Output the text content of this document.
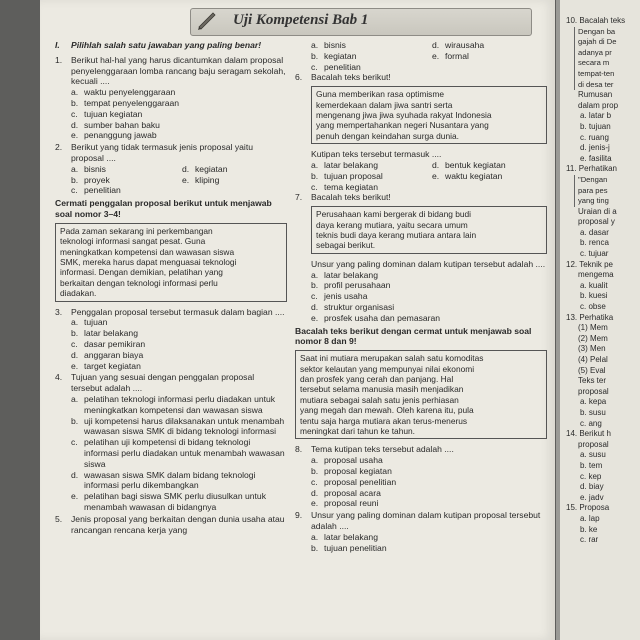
Uji Kompetensi Bab 1
I. Pilihlah salah satu jawaban yang paling benar!
1. Berikut hal-hal yang harus dicantumkan dalam proposal penyelenggaraan lomba rancang baju seragam sekolah, kecuali ....
a. waktu penyelenggaraan
b. tempat penyelenggaraan
c. tujuan kegiatan
d. sumber bahan baku
e. penanggung jawab
2. Berikut yang tidak termasuk jenis proposal yaitu proposal ....
a. bisnis	d. kegiatan
b. proyek	e. kliping
c. penelitian
Cermati penggalan proposal berikut untuk menjawab soal nomor 3–4!
Pada zaman sekarang ini perkembangan
teknologi informasi sangat pesat. Guna
meningkatkan kompetensi dan wawasan siswa
SMK, mereka harus dapat menguasai teknologi
informasi. Dengan demikian, pelatihan yang
berkaitan dengan teknologi informasi perlu
diadakan.
3. Penggalan proposal tersebut termasuk dalam bagian ....
a. tujuan
b. latar belakang
c. dasar pemikiran
d. anggaran biaya
e. target kegiatan
4. Tujuan yang sesuai dengan penggalan proposal tersebut adalah ....
a. pelatihan teknologi informasi perlu diadakan untuk meningkatkan kompetensi dan wawasan siswa
b. uji kompetensi harus dilaksanakan untuk menambah wawasan siswa SMK di bidang teknologi informasi
c. pelatihan uji kompetensi di bidang teknologi informasi perlu diadakan untuk menambah wawasan siswa
d. wawasan siswa SMK dalam bidang teknologi informasi perlu dikembangkan
e. pelatihan bagi siswa SMK perlu diusulkan untuk menambah wawasan di bidangnya
5. Jenis proposal yang berkaitan dengan dunia usaha atau rancangan rencana kerja yang
a. bisnis	d. wirausaha
b. kegiatan	e. formal
c. penelitian
6. Bacalah teks berikut!
Guna memberikan rasa optimisme
kemerdekaan dalam jiwa santri serta
mengenang jiwa jiwa syuhada rakyat Indonesia
yang mempertahankan negeri Nusantara yang
penuh dengan keindahan surga dunia.
Kutipan teks tersebut termasuk ....
a. latar belakang	d. bentuk kegiatan
b. tujuan proposal	e. waktu kegiatan
c. tema kegiatan
7. Bacalah teks berikut!
Perusahaan kami bergerak di bidang budi
daya kerang mutiara, yaitu secara umum
teknis budi daya kerang mutiara antara lain
sebagai berikut.
Unsur yang paling dominan dalam kutipan tersebut adalah ....
a. latar belakang
b. profil perusahaan
c. jenis usaha
d. struktur organisasi
e. prosfek usaha dan pemasaran
Bacalah teks berikut dengan cermat untuk menjawab soal nomor 8 dan 9!
Saat ini mutiara merupakan salah satu komoditas
sektor kelautan yang mempunyai nilai ekonomi
dan prosfek yang cerah dan panjang. Hal
tersebut selama manusia masih menjadikan
mutiara sebagai salah satu jenis perhiasan
yang megah dan mewah. Oleh karena itu, pula
tentu saja harga mutiara akan terus-menerus
meningkat dari tahun ke tahun.
8. Tema kutipan teks tersebut adalah ....
a. proposal usaha
b. proposal kegiatan
c. proposal penelitian
d. proposal acara
e. proposal reuni
9. Unsur yang paling dominan dalam kutipan proposal tersebut adalah ....
a. latar belakang
b. tujuan penelitian
10. Bacalah teks
Dengan ba
gajah di De
adanya pr
secara m
tempat-ten
di desa ter
Rumusan
dalam prop
a. latar b
b. tujuan
c. ruang
d. jenis-j
e. fasilita
11. Perhatikan
"Dengan
para pes
yang ting
Uraian di a
proposal y
a. dasar
b. renca
c. tujuar
12. Teknik pe
mengema
a. kualit
b. kuesi
c. obse
13. Perhatika
(1) Mem
(2) Mem
(3) Men
(4) Pelal
(5) Eval
Teks ter
proposal
a. kepa
b. susu
c. ang
14. Berikut h
proposal
a. susu
b. tem
c. kep
d. biay
e. jadv
15. Proposa
a. lap
b. ke
c. rar
